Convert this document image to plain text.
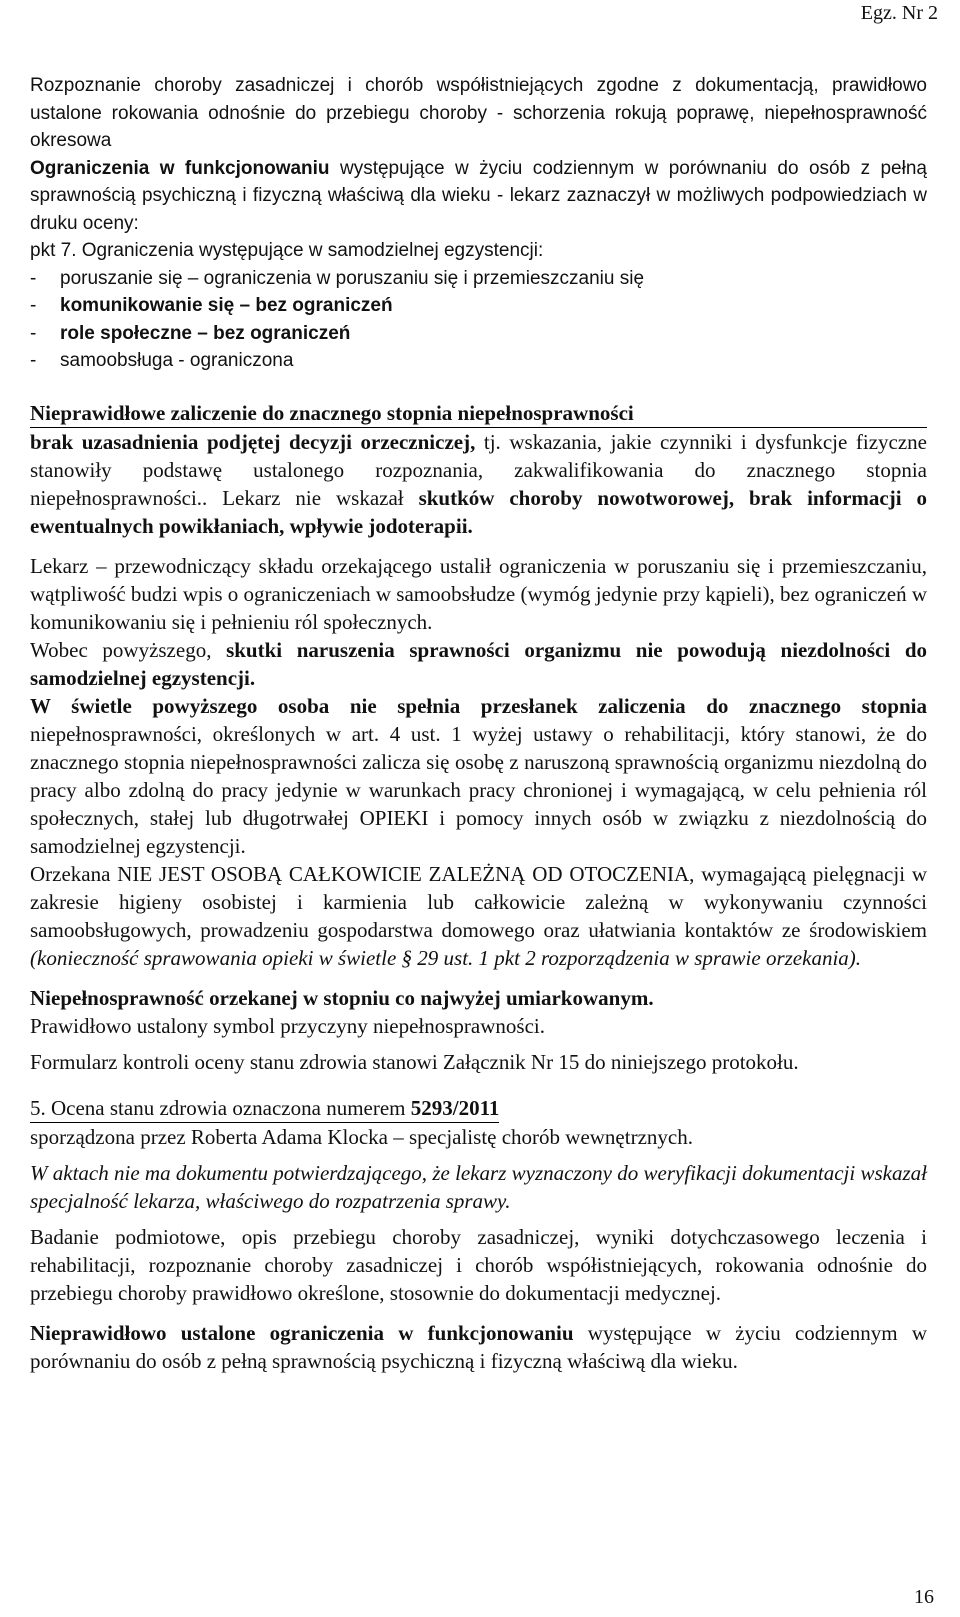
Egz. Nr 2

Rozpoznanie choroby zasadniczej i chorób współistniejących zgodne z dokumentacją, prawidłowo ustalone rokowania odnośnie do przebiegu choroby - schorzenia rokują poprawę, niepełnosprawność okresowa

Ograniczenia w funkcjonowaniu występujące w życiu codziennym w porównaniu do osób z pełną sprawnością psychiczną i fizyczną właściwą dla wieku - lekarz zaznaczył w możliwych podpowiedziach w druku oceny:

pkt 7. Ograniczenia występujące w samodzielnej egzystencji:

-	poruszanie się – ograniczenia w poruszaniu się i przemieszczaniu się
-	komunikowanie się – bez ograniczeń
-	role społeczne – bez ograniczeń
-	samoobsługa - ograniczona

Nieprawidłowe zaliczenie do znacznego stopnia niepełnosprawności

brak uzasadnienia podjętej decyzji orzeczniczej, tj. wskazania, jakie czynniki i dysfunkcje fizyczne stanowiły podstawę ustalonego rozpoznania, zakwalifikowania do znacznego stopnia niepełnosprawności.. Lekarz nie wskazał skutków choroby nowotworowej, brak informacji o ewentualnych powikłaniach, wpływie jodoterapii.

Lekarz – przewodniczący składu orzekającego ustalił ograniczenia w poruszaniu się i przemieszczaniu, wątpliwość budzi wpis o ograniczeniach w samoobsłudze (wymóg jedynie przy kąpieli), bez ograniczeń w komunikowaniu się i pełnieniu ról społecznych.

Wobec powyższego, skutki naruszenia sprawności organizmu nie powodują niezdolności do samodzielnej egzystencji.

W świetle powyższego osoba nie spełnia przesłanek zaliczenia do znacznego stopnia niepełnosprawności, określonych w art. 4 ust. 1 wyżej ustawy o rehabilitacji, który stanowi, że do znacznego stopnia niepełnosprawności zalicza się osobę z naruszoną sprawnością organizmu niezdolną do pracy albo zdolną do pracy jedynie w warunkach pracy chronionej i wymagającą, w celu pełnienia ról społecznych, stałej lub długotrwałej OPIEKI i pomocy innych osób w związku z niezdolnością do samodzielnej egzystencji.

Orzekana NIE JEST OSOBĄ CAŁKOWICIE ZALEŻNĄ OD OTOCZENIA, wymagającą pielęgnacji w zakresie higieny osobistej i karmienia lub całkowicie zależną w wykonywaniu czynności samoobsługowych, prowadzeniu gospodarstwa domowego oraz ułatwiania kontaktów ze środowiskiem (konieczność sprawowania opieki w świetle § 29 ust. 1 pkt 2 rozporządzenia w sprawie orzekania).

Niepełnosprawność orzekanej w stopniu co najwyżej umiarkowanym.

Prawidłowo ustalony symbol przyczyny niepełnosprawności.

Formularz kontroli oceny stanu zdrowia stanowi Załącznik Nr 15 do niniejszego protokołu.

5. Ocena stanu zdrowia oznaczona numerem 5293/2011

sporządzona przez Roberta Adama Klocka – specjalistę chorób wewnętrznych.

W aktach nie ma dokumentu potwierdzającego, że lekarz wyznaczony do weryfikacji dokumentacji wskazał specjalność lekarza, właściwego do rozpatrzenia sprawy.

Badanie podmiotowe, opis przebiegu choroby zasadniczej, wyniki dotychczasowego leczenia i rehabilitacji, rozpoznanie choroby zasadniczej i chorób współistniejących, rokowania odnośnie do przebiegu choroby prawidłowo określone, stosownie do dokumentacji medycznej.

Nieprawidłowo ustalone ograniczenia w funkcjonowaniu występujące w życiu codziennym w porównaniu do osób z pełną sprawnością psychiczną i fizyczną właściwą dla wieku.

16
